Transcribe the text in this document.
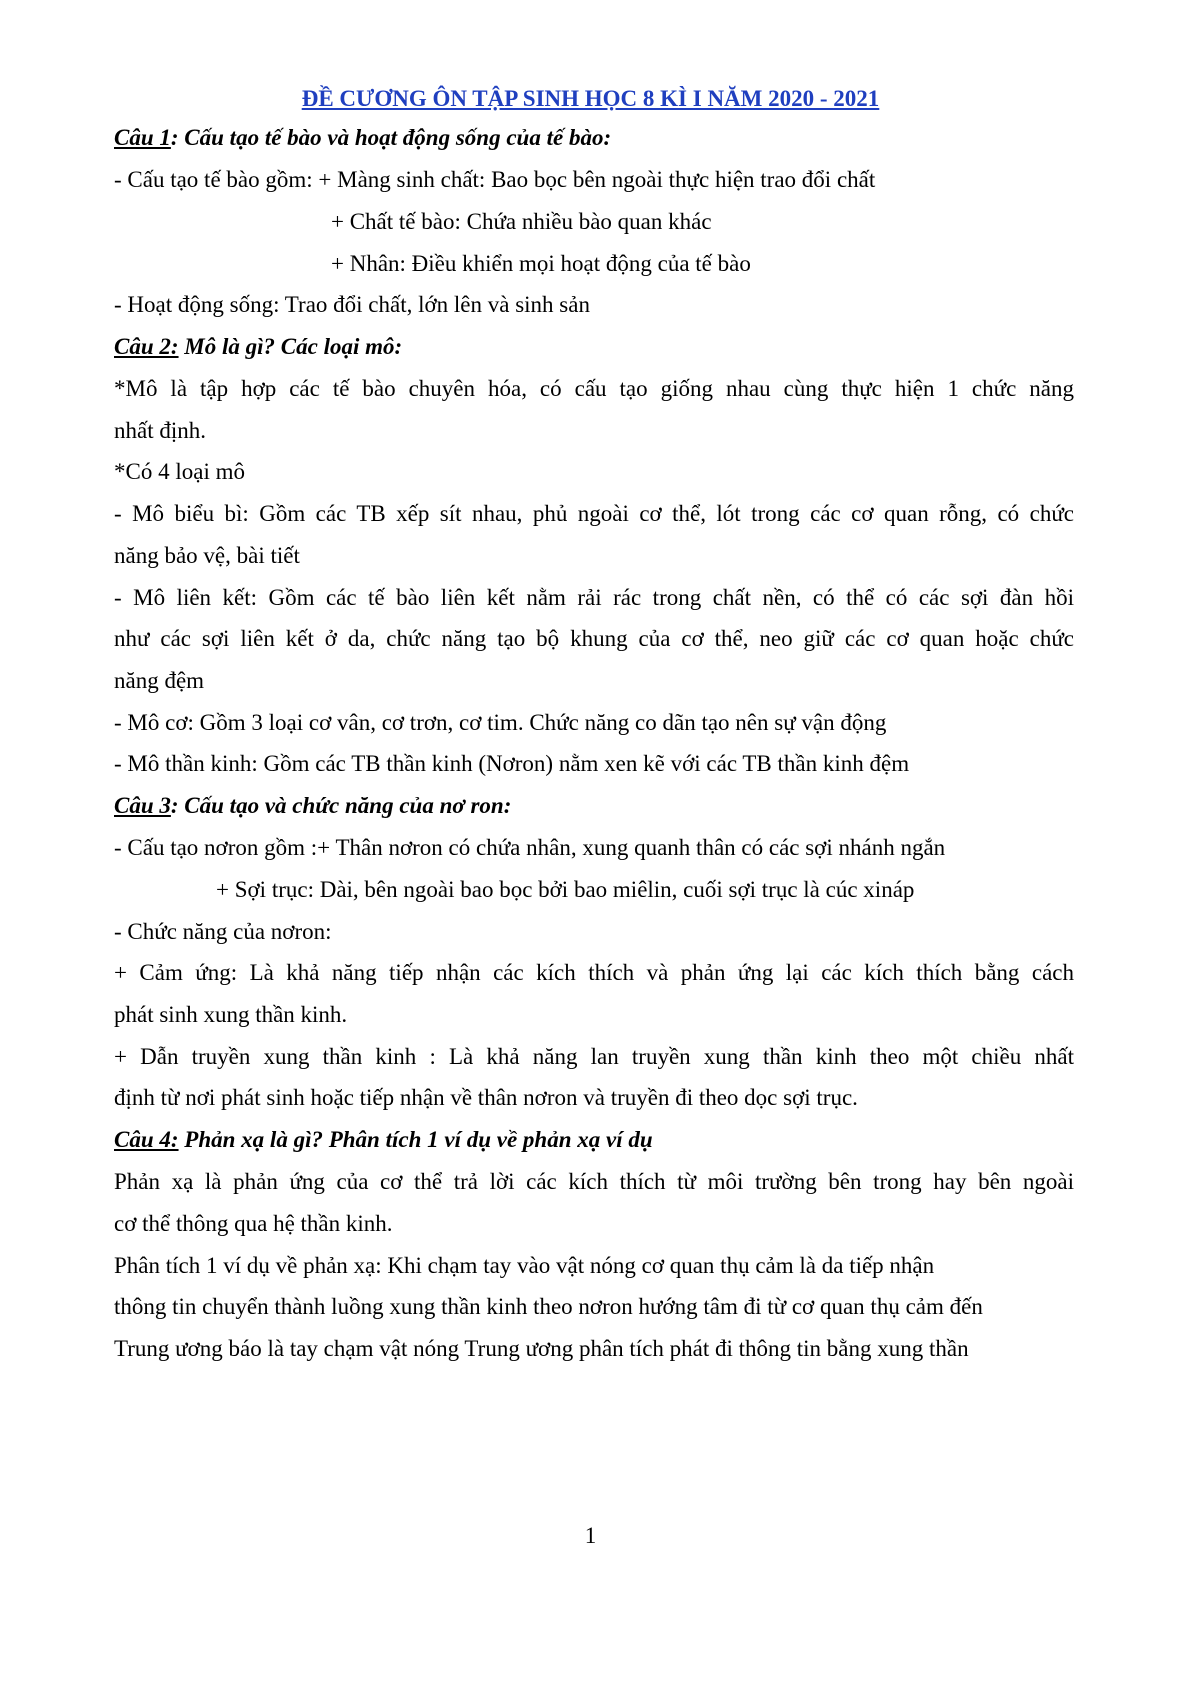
ĐỀ CƯƠNG ÔN TẬP SINH HỌC 8 KÌ I NĂM 2020 - 2021
Câu 1: Cấu tạo tế bào và hoạt động sống của tế bào:
- Cấu tạo tế bào gồm: + Màng sinh chất: Bao bọc bên ngoài thực hiện trao đổi chất
+ Chất tế bào: Chứa nhiều bào quan khác
+ Nhân: Điều khiển mọi hoạt động của tế bào
- Hoạt động sống: Trao đổi chất, lớn lên và sinh sản
Câu 2: Mô là gì? Các loại mô:
*Mô là tập hợp các tế bào chuyên hóa, có cấu tạo giống nhau cùng thực hiện 1 chức năng
nhất định.
*Có 4 loại mô
- Mô biểu bì: Gồm các TB xếp sít nhau, phủ ngoài cơ thể, lót trong các cơ quan rỗng, có chức
năng bảo vệ, bài tiết
- Mô liên kết: Gồm các tế bào liên kết nằm rải rác trong chất nền, có thể có các sợi đàn hồi
như các sợi liên kết ở da, chức năng tạo bộ khung của cơ thể, neo giữ các cơ quan hoặc chức
năng đệm
- Mô cơ: Gồm 3 loại cơ vân, cơ trơn, cơ tim. Chức năng co dãn tạo nên sự vận động
- Mô thần kinh: Gồm các TB thần kinh (Nơron) nằm xen kẽ với các TB thần kinh đệm
Câu 3: Cấu tạo và chức năng của nơ ron:
- Cấu tạo nơron gồm :+ Thân nơron có chứa nhân, xung quanh thân có các sợi nhánh ngắn
+ Sợi trục: Dài, bên ngoài bao bọc bởi bao miêlin, cuối sợi trục là cúc xináp
- Chức năng của nơron:
+ Cảm ứng: Là khả năng tiếp nhận các kích thích và phản ứng lại các kích thích bằng cách
phát sinh xung thần kinh.
+ Dẫn truyền xung thần kinh : Là khả năng lan truyền xung thần kinh theo một chiều nhất
định từ nơi phát sinh hoặc tiếp nhận về thân nơron và truyền đi theo dọc sợi trục.
Câu 4: Phản xạ là gì? Phân tích 1 ví dụ về phản xạ ví dụ
Phản xạ là phản ứng của cơ thể trả lời các kích thích từ môi trường bên trong hay bên ngoài
cơ thể thông qua hệ thần kinh.
Phân tích 1 ví dụ về phản xạ: Khi chạm tay vào vật nóng cơ quan thụ cảm là da tiếp nhận
thông tin chuyển thành luồng xung thần kinh theo nơron hướng tâm đi từ cơ quan thụ cảm đến
Trung ương báo là tay chạm vật nóng Trung ương phân tích phát đi thông tin bằng xung thần
1
